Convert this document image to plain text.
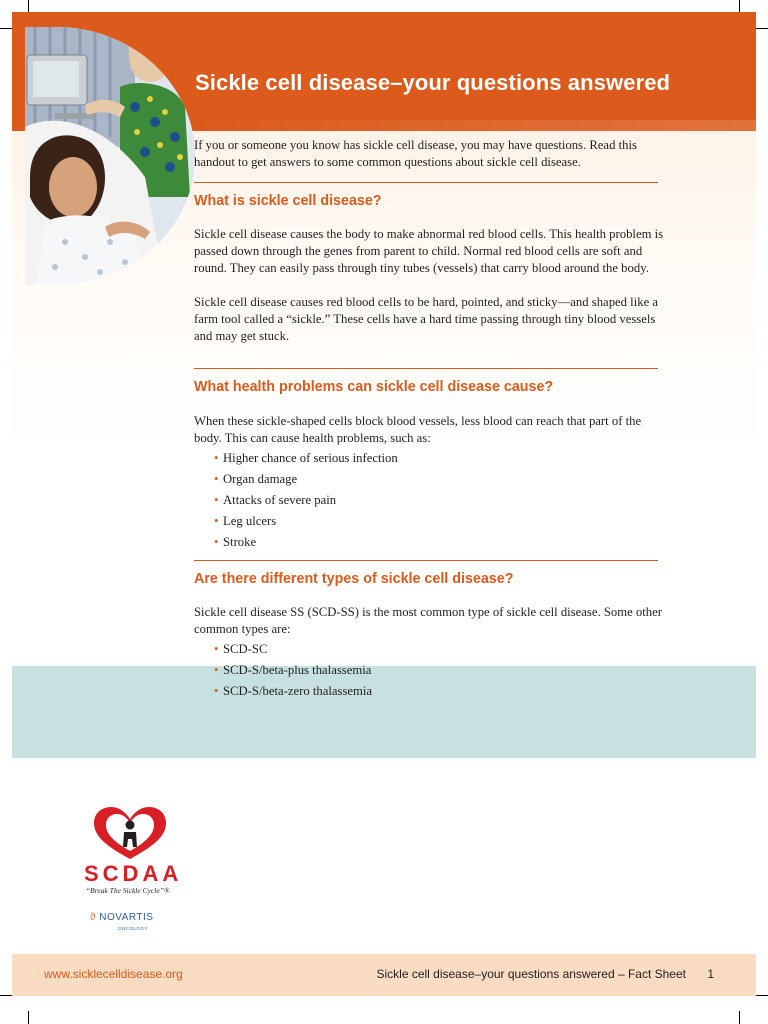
Sickle cell disease–your questions answered

If you or someone you know has sickle cell disease, you may have questions. Read this handout to get answers to some common questions about sickle cell disease.

What is sickle cell disease?

Sickle cell disease causes the body to make abnormal red blood cells. This health problem is passed down through the genes from parent to child. Normal red blood cells are soft and round. They can easily pass through tiny tubes (vessels) that carry blood around the body.

Sickle cell disease causes red blood cells to be hard, pointed, and sticky—and shaped like a farm tool called a “sickle.” These cells have a hard time passing through tiny blood vessels and may get stuck.

What health problems can sickle cell disease cause?

When these sickle-shaped cells block blood vessels, less blood can reach that part of the body. This can cause health problems, such as:

• Higher chance of serious infection
• Organ damage
• Attacks of severe pain
• Leg ulcers
• Stroke
Are there different types of sickle cell disease?

Sickle cell disease SS (SCD-SS) is the most common type of sickle cell disease. Some other common types are:

• SCD-SC
• SCD-S/beta-plus thalassemia
• SCD-S/beta-zero thalassemia
SCDAA
“Break The Sickle Cycle”®
ϑ NOVARTIS
ONCOLOGY
www.sicklecelldisease.org	Sickle cell disease–your questions answered – Fact Sheet 1
